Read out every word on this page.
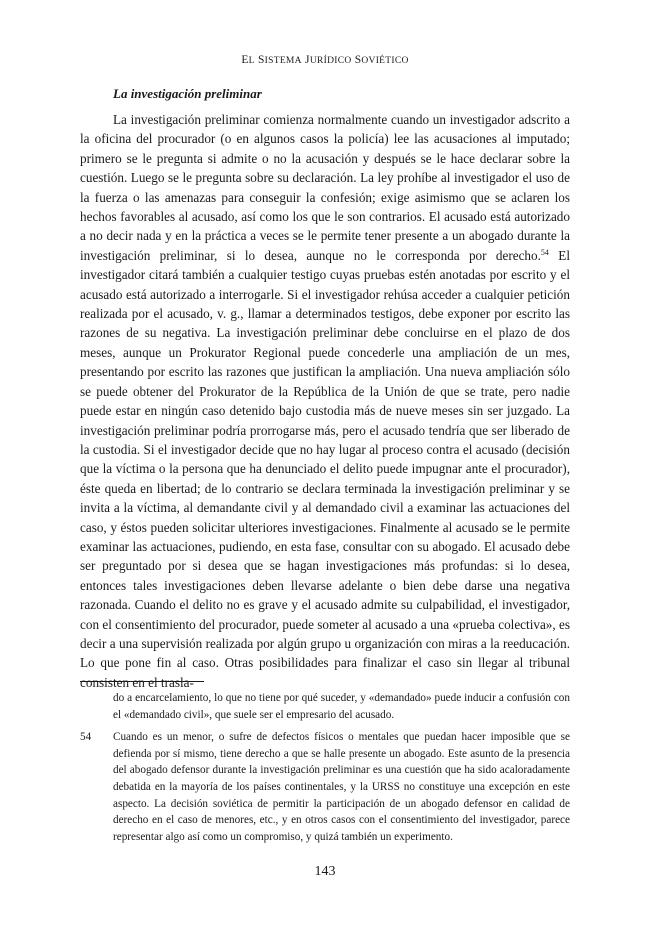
EL SISTEMA JURÍDICO SOVIÉTICO
La investigación preliminar

La investigación preliminar comienza normalmente cuando un investigador adscrito a la oficina del procurador (o en algunos casos la policía) lee las acusaciones al imputado; primero se le pregunta si admite o no la acusación y después se le hace declarar sobre la cuestión. Luego se le pregunta sobre su declaración. La ley prohíbe al investigador el uso de la fuerza o las amenazas para conseguir la confesión; exige asimismo que se aclaren los hechos favorables al acusado, así como los que le son contrarios. El acusado está autorizado a no decir nada y en la práctica a veces se le permite tener presente a un abogado durante la investigación preliminar, si lo desea, aunque no le corresponda por derecho.$^{54}$ El investigador citará también a cualquier testigo cuyas pruebas estén anotadas por escrito y el acusado está autorizado a interrogarle. Si el investigador rehúsa acceder a cualquier petición realizada por el acusado, v. g., llamar a determinados testigos, debe exponer por escrito las razones de su negativa. La investigación preliminar debe concluirse en el plazo de dos meses, aunque un Prokurator Regional puede concederle una ampliación de un mes, presentando por escrito las razones que justifican la ampliación. Una nueva ampliación sólo se puede obtener del Prokurator de la República de la Unión de que se trate, pero nadie puede estar en ningún caso detenido bajo custodia más de nueve meses sin ser juzgado. La investigación preliminar podría prorrogarse más, pero el acusado tendría que ser liberado de la custodia. Si el investigador decide que no hay lugar al proceso contra el acusado (decisión que la víctima o la persona que ha denunciado el delito puede impugnar ante el procurador), éste queda en libertad; de lo contrario se declara terminada la investigación preliminar y se invita a la víctima, al demandante civil y al demandado civil a examinar las actuaciones del caso, y éstos pueden solicitar ulteriores investigaciones. Finalmente al acusado se le permite examinar las actuaciones, pudiendo, en esta fase, consultar con su abogado. El acusado debe ser preguntado por si desea que se hagan investigaciones más profundas: si lo desea, entonces tales investigaciones deben llevarse adelante o bien debe darse una negativa razonada. Cuando el delito no es grave y el acusado admite su culpabilidad, el investigador, con el consentimiento del procurador, puede someter al acusado a una «prueba colectiva», es decir a una supervisión realizada por algún grupo u organización con miras a la reeducación. Lo que pone fin al caso. Otras posibilidades para finalizar el caso sin llegar al tribunal consisten en el trasla-

do a encarcelamiento, lo que no tiene por qué suceder, y «demandado» puede inducir a confusión con el «demandado civil», que suele ser el empresario del acusado.
54	Cuando es un menor, o sufre de defectos físicos o mentales que puedan hacer imposible que se defienda por sí mismo, tiene derecho a que se halle presente un abogado. Este asunto de la presencia del abogado defensor durante la investigación preliminar es una cuestión que ha sido acaloradamente debatida en la mayoría de los países continentales, y la URSS no constituye una excepción en este aspecto. La decisión soviética de permitir la participación de un abogado defensor en calidad de derecho en el caso de menores, etc., y en otros casos con el consentimiento del investigador, parece representar algo así como un compromiso, y quizá también un experimento.
143
